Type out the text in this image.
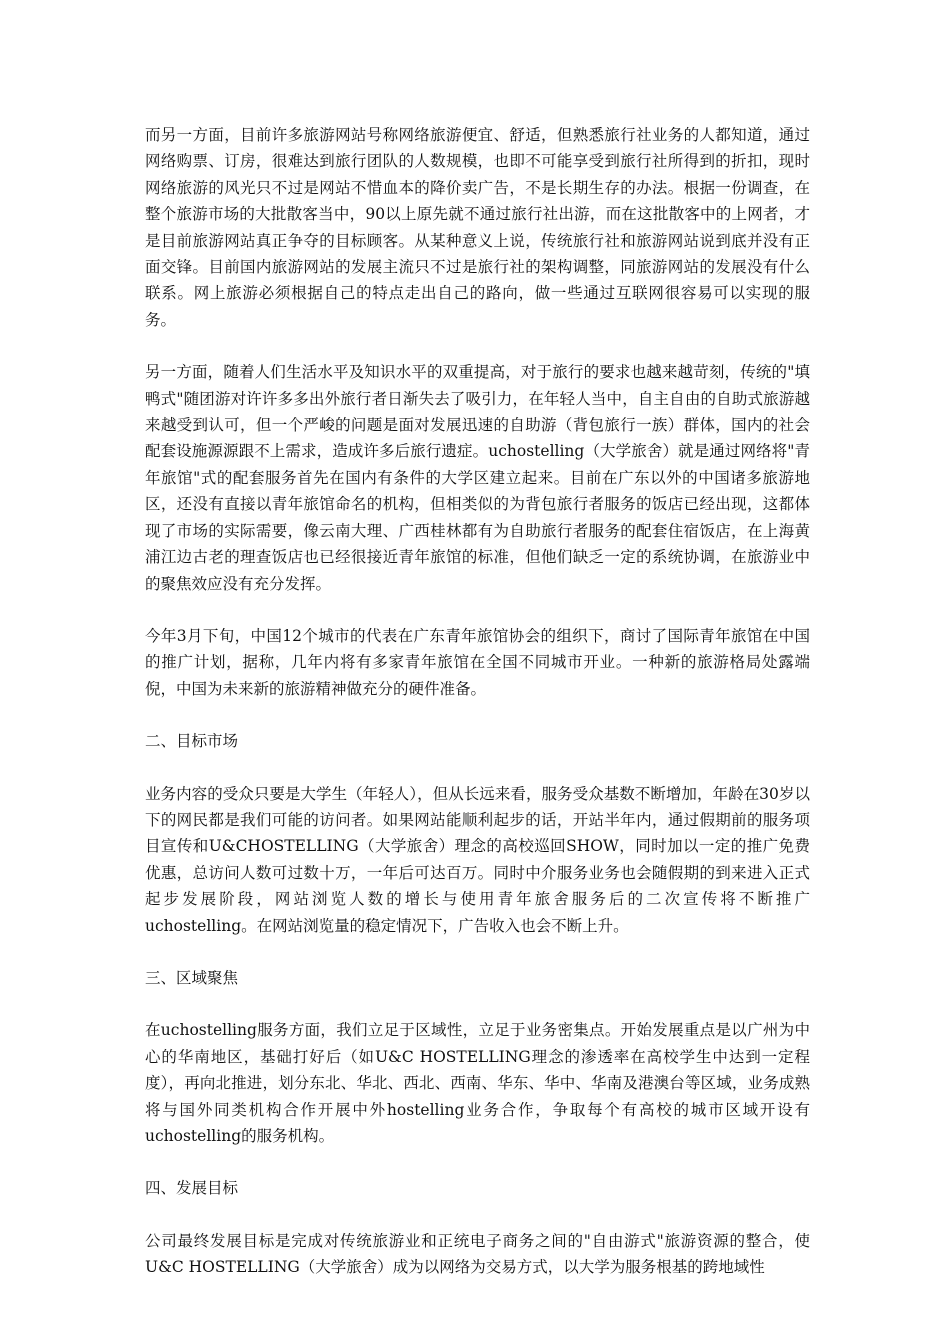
而另一方面，目前许多旅游网站号称网络旅游便宜、舒适，但熟悉旅行社业务的人都知道，通过网络购票、订房，很难达到旅行团队的人数规模，也即不可能享受到旅行社所得到的折扣，现时网络旅游的风光只不过是网站不惜血本的降价卖广告，不是长期生存的办法。根据一份调查，在整个旅游市场的大批散客当中，90以上原先就不通过旅行社出游，而在这批散客中的上网者，才是目前旅游网站真正争夺的目标顾客。从某种意义上说，传统旅行社和旅游网站说到底并没有正面交锋。目前国内旅游网站的发展主流只不过是旅行社的架构调整，同旅游网站的发展没有什么联系。网上旅游必须根据自己的特点走出自己的路向，做一些通过互联网很容易可以实现的服务。

另一方面，随着人们生活水平及知识水平的双重提高，对于旅行的要求也越来越苛刻，传统的"填鸭式"随团游对许许多多出外旅行者日渐失去了吸引力，在年轻人当中，自主自由的自助式旅游越来越受到认可，但一个严峻的问题是面对发展迅速的自助游（背包旅行一族）群体，国内的社会配套设施源源跟不上需求，造成许多后旅行遗症。uchostelling（大学旅舍）就是通过网络将"青年旅馆"式的配套服务首先在国内有条件的大学区建立起来。目前在广东以外的中国诸多旅游地区，还没有直接以青年旅馆命名的机构，但相类似的为背包旅行者服务的饭店已经出现，这都体现了市场的实际需要，像云南大理、广西桂林都有为自助旅行者服务的配套住宿饭店，在上海黄浦江边古老的理查饭店也已经很接近青年旅馆的标准，但他们缺乏一定的系统协调，在旅游业中的聚焦效应没有充分发挥。

今年3月下旬，中国12个城市的代表在广东青年旅馆协会的组织下，商讨了国际青年旅馆在中国的推广计划，据称，几年内将有多家青年旅馆在全国不同城市开业。一种新的旅游格局处露端倪，中国为未来新的旅游精神做充分的硬件准备。

二、目标市场

业务内容的受众只要是大学生（年轻人），但从长远来看，服务受众基数不断增加，年龄在30岁以下的网民都是我们可能的访问者。如果网站能顺利起步的话，开站半年内，通过假期前的服务项目宣传和U&CHOSTELLING（大学旅舍）理念的高校巡回SHOW，同时加以一定的推广免费优惠，总访问人数可过数十万，一年后可达百万。同时中介服务业务也会随假期的到来进入正式起步发展阶段，网站浏览人数的增长与使用青年旅舍服务后的二次宣传将不断推广uchostelling。在网站浏览量的稳定情况下，广告收入也会不断上升。

三、区域聚焦

在uchostelling服务方面，我们立足于区域性，立足于业务密集点。开始发展重点是以广州为中心的华南地区，基础打好后（如U&C HOSTELLING理念的渗透率在高校学生中达到一定程度），再向北推进，划分东北、华北、西北、西南、华东、华中、华南及港澳台等区域，业务成熟将与国外同类机构合作开展中外hostelling业务合作，争取每个有高校的城市区域开设有uchostelling的服务机构。

四、发展目标

公司最终发展目标是完成对传统旅游业和正统电子商务之间的"自由游式"旅游资源的整合，使U&C HOSTELLING（大学旅舍）成为以网络为交易方式，以大学为服务根基的跨地域性
